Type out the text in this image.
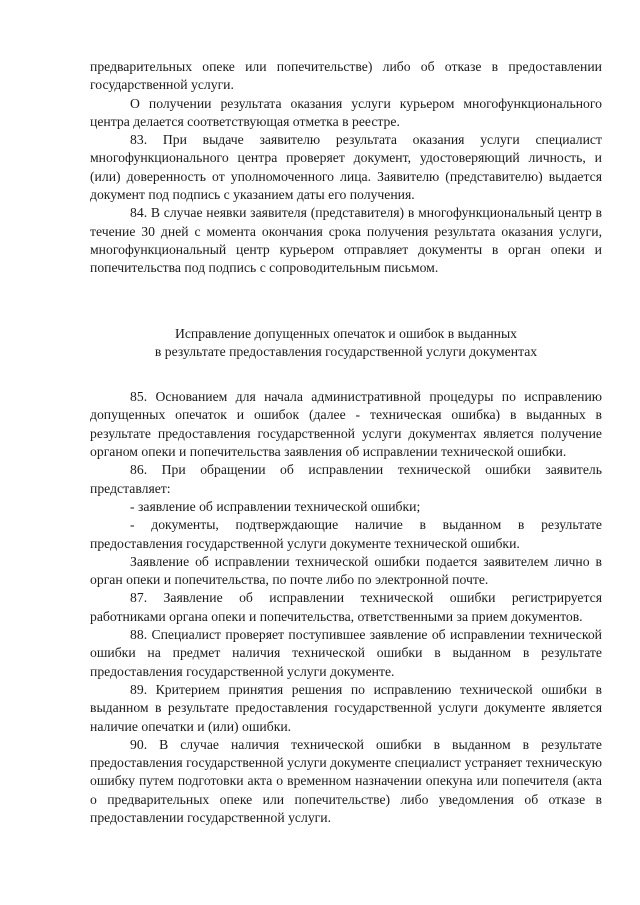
предварительных опеке или попечительстве) либо об отказе в предоставлении государственной услуги.

О получении результата оказания услуги курьером многофункционального центра делается соответствующая отметка в реестре.

83. При выдаче заявителю результата оказания услуги специалист многофункционального центра проверяет документ, удостоверяющий личность, и (или) доверенность от уполномоченного лица. Заявителю (представителю) выдается документ под подпись с указанием даты его получения.

84. В случае неявки заявителя (представителя) в многофункциональный центр в течение 30 дней с момента окончания срока получения результата оказания услуги, многофункциональный центр курьером отправляет документы в орган опеки и попечительства под подпись с сопроводительным письмом.

Исправление допущенных опечаток и ошибок в выданных
в результате предоставления государственной услуги документах

85. Основанием для начала административной процедуры по исправлению допущенных опечаток и ошибок (далее - техническая ошибка) в выданных в результате предоставления государственной услуги документах является получение органом опеки и попечительства заявления об исправлении технической ошибки.

86. При обращении об исправлении технической ошибки заявитель представляет:

- заявление об исправлении технической ошибки;

- документы, подтверждающие наличие в выданном в результате предоставления государственной услуги документе технической ошибки.

Заявление об исправлении технической ошибки подается заявителем лично в орган опеки и попечительства, по почте либо по электронной почте.

87. Заявление об исправлении технической ошибки регистрируется работниками органа опеки и попечительства, ответственными за прием документов.

88. Специалист проверяет поступившее заявление об исправлении технической ошибки на предмет наличия технической ошибки в выданном в результате предоставления государственной услуги документе.

89. Критерием принятия решения по исправлению технической ошибки в выданном в результате предоставления государственной услуги документе является наличие опечатки и (или) ошибки.

90. В случае наличия технической ошибки в выданном в результате предоставления государственной услуги документе специалист устраняет техническую ошибку путем подготовки акта о временном назначении опекуна или попечителя (акта о предварительных опеке или попечительстве) либо уведомления об отказе в предоставлении государственной услуги.
